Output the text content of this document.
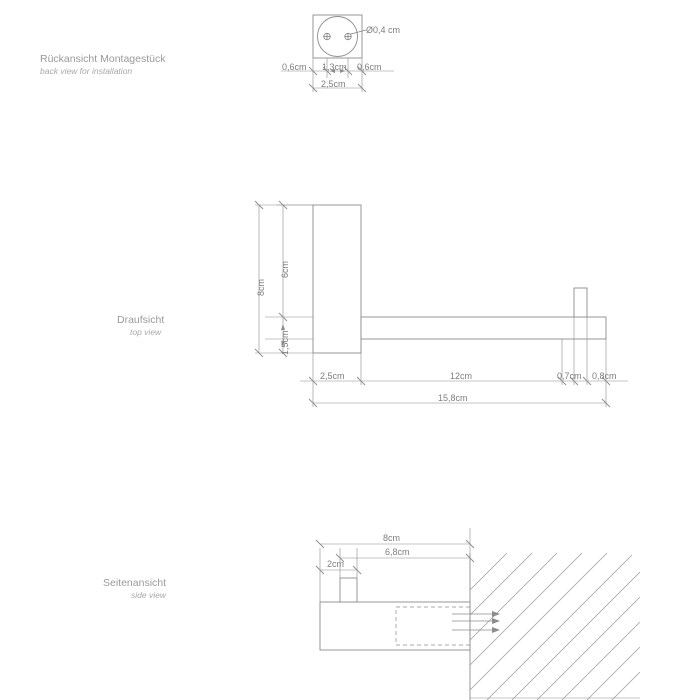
Rückansicht Montagestück
back view for installation
Draufsicht
top view
Seitenansicht
side view
Ø0,4 cm
0,6cm 1,3cm 0,6cm
2,5cm
8cm
6cm
1,5cm
2,5cm	12cm	0,7cm 0,8cm
15,8cm
8cm
6,8cm
2cm
